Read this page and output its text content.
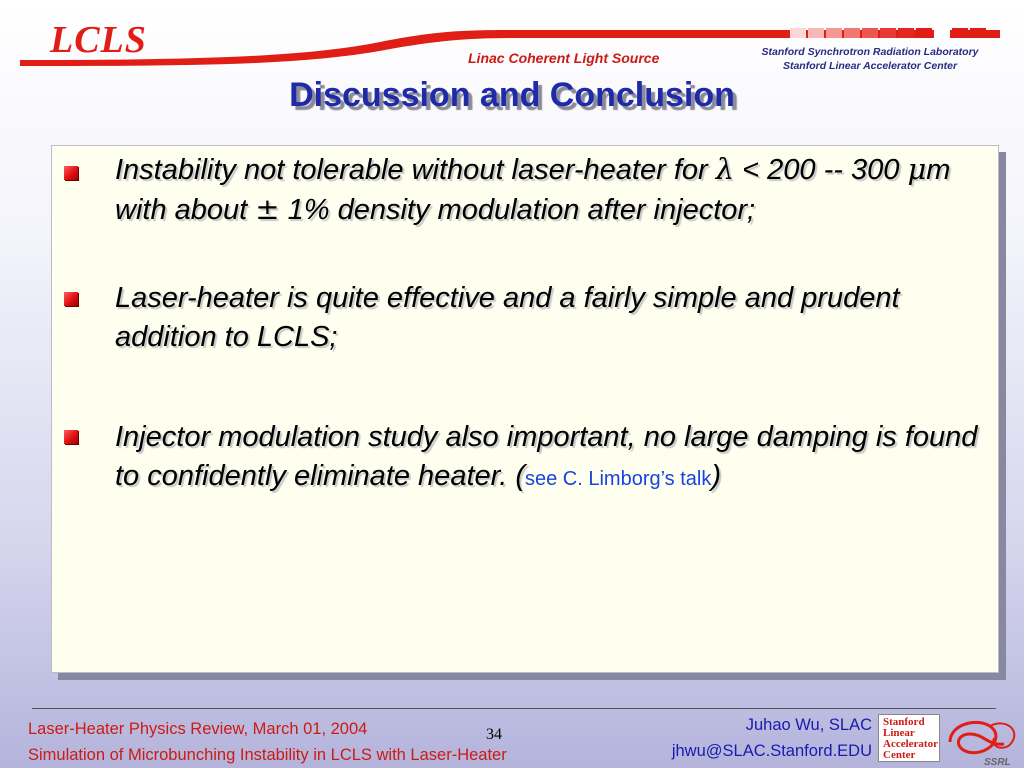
LCLS	Linac Coherent Light Source	Stanford Synchrotron Radiation Laboratory
Stanford Linear Accelerator Center
Discussion and Conclusion
Instability not tolerable without laser-heater for λ < 200 -- 300 μm with about ± 1% density modulation after injector;
Laser-heater is quite effective and a fairly simple and prudent addition to LCLS;
Injector modulation study also important, no large damping is found to confidently eliminate heater. (see C. Limborg’s talk)
Laser-Heater Physics Review, March 01, 2004
Simulation of Microbunching Instability in LCLS with Laser-Heater
34
Juhao Wu, SLAC
jhwu@SLAC.Stanford.EDU
Stanford
Linear
Accelerator
Center
SSRL
